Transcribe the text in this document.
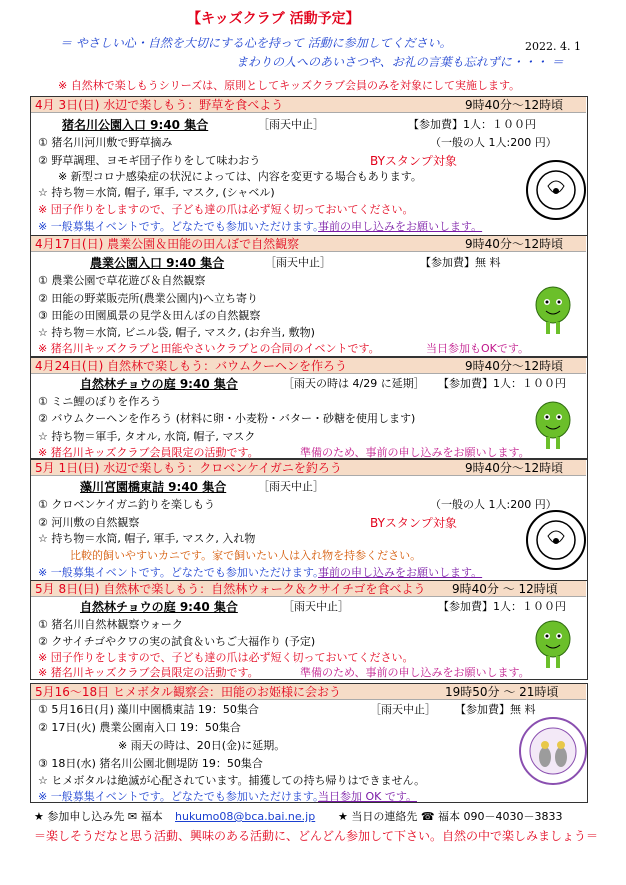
【キッズクラブ 活動予定】
＝ やさしい心・自然を大切にする心を持って 活動に参加してください。	2022. 4. 1
まわりの人へのあいさつや、お礼の言葉も忘れずに・・・ ＝
※ 自然林で楽しもうシリーズは、原則としてキッズクラブ会員のみを対象にして実施します。
4月 3日(日) 水辺で楽しもう：野草を食べよう	9時40分～12時頃
猪名川公園入口 9:40 集合	［雨天中止］	【参加費】1人：１００円
① 猪名川河川敷で野草摘み	（一般の人 1人:200 円）
② 野草調理、ヨモギ団子作りをして味わおう	BYスタンプ対象
※ 新型コロナ感染症の状況によっては、内容を変更する場合もあります。
☆ 持ち物＝水筒, 帽子, 軍手, マスク, (シャベル)
※ 団子作りをしますので、子ども達の爪は必ず短く切っておいてください。
※ 一般募集イベントです。どなたでも参加いただけます。
事前の申し込みをお願いします。
4月17日(日) 農業公園＆田能の田んぼで自然観察	9時40分～12時頃
農業公園入口 9:40 集合	［雨天中止］	【参加費】無 料
① 農業公園で草花遊び＆自然観察
② 田能の野菜販売所(農業公園内)へ立ち寄り
③ 田能の田園風景の見学＆田んぼの自然観察
☆ 持ち物＝水筒, ビニル袋, 帽子, マスク, (お弁当, 敷物)
※ 猪名川キッズクラブと田能やさいクラブとの合同のイベントです。	当日参加もOKです。
4月24日(日) 自然林で楽しもう：バウムクーヘンを作ろう	9時40分～12時頃
自然林チョウの庭 9:40 集合	［雨天の時は 4/29 に延期］ 【参加費】1人：１００円
① ミニ鯉のぼりを作ろう
② バウムクーヘンを作ろう (材料に卵・小麦粉・バター・砂糖を使用します)
☆ 持ち物＝軍手, タオル, 水筒, 帽子, マスク
※ 猪名川キッズクラブ会員限定の活動です。	準備のため、事前の申し込みをお願いします。
5月 1日(日) 水辺で楽しもう：クロベンケイガニを釣ろう	9時40分～12時頃
藻川宮園橋東詰 9:40 集合	［雨天中止］
① クロベンケイガニ釣りを楽しもう	（一般の人 1人:200 円）
② 河川敷の自然観察	BYスタンプ対象
☆ 持ち物＝水筒, 帽子, 軍手, マスク, 入れ物
比較的飼いやすいカニです。家で飼いたい人は入れ物を持参ください。
※ 一般募集イベントです。どなたでも参加いただけます。
事前の申し込みをお願いします。
5月 8日(日) 自然林で楽しもう：自然林ウォーク＆クサイチゴを食べよう 9時40分 ～ 12時頃
自然林チョウの庭 9:40 集合	［雨天中止］	【参加費】1人：１００円
① 猪名川自然林観察ウォーク
② クサイチゴやクワの実の試食＆いちご大福作り (予定)
※ 団子作りをしますので、子ども達の爪は必ず短く切っておいてください。
※ 猪名川キッズクラブ会員限定の活動です。	準備のため、事前の申し込みをお願いします。
5月16～18日 ヒメボタル観察会：田能のお姫様に会おう	19時50分 ～ 21時頃
① 5月16日(月) 藻川中園橋東詰 19：50集合	［雨天中止］ 【参加費】無 料
② 17日(火) 農業公園南入口 19：50集合
※ 雨天の時は、20日(金)に延期。
③ 18日(水) 猪名川公園北側堤防 19：50集合
☆ ヒメボタルは絶滅が心配されています。捕獲しての持ち帰りはできません。
※ 一般募集イベントです。どなたでも参加いただけます。
当日参加 OK です。
★ 参加申し込み先 ✉ 福本 hukumo08@bca.bai.ne.jp ★ 当日の連絡先 ☎ 福本 090－4030－3833
＝楽しそうだなと思う活動、興味のある活動に、どんどん参加して下さい。自然の中で楽しみましょう＝
